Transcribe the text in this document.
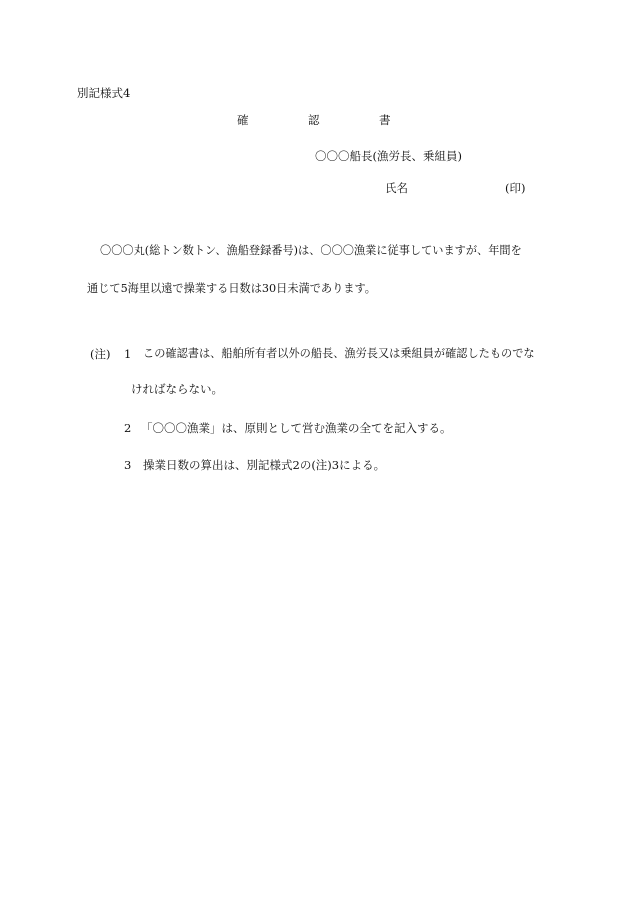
別記様式4
確	認	書
〇〇〇船長(漁労長、乗組員)
氏名	(印)
〇〇〇丸(総トン数トン、漁船登録番号)は、〇〇〇漁業に従事していますが、年間を
通じて5海里以遠で操業する日数は30日未満であります。
(注) 1 この確認書は、船舶所有者以外の船長、漁労長又は乗組員が確認したものでな
ければならない。
2 「〇〇〇漁業」は、原則として営む漁業の全てを記入する。
3 操業日数の算出は、別記様式2の(注)3による。
